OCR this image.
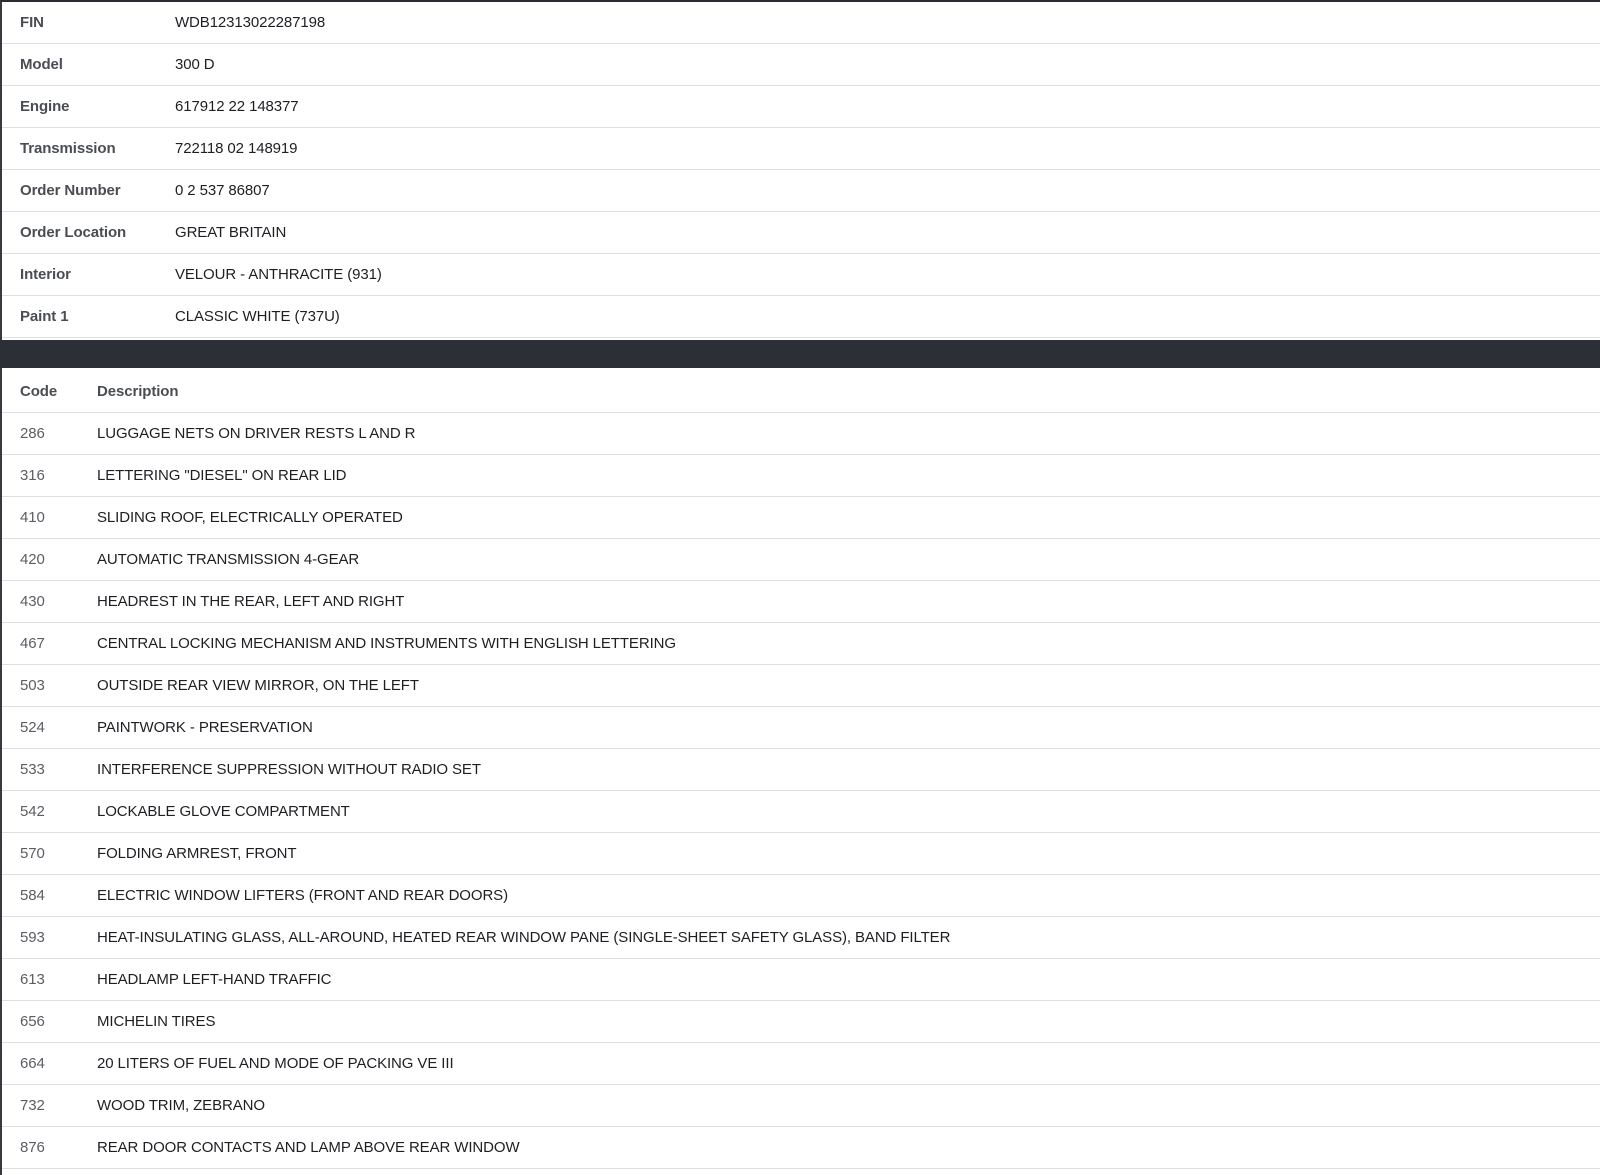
FIN	WDB12313022287198
Model	300 D
Engine	617912 22 148377
Transmission	722118 02 148919
Order Number	0 2 537 86807
Order Location	GREAT BRITAIN
Interior	VELOUR - ANTHRACITE (931)
Paint 1	CLASSIC WHITE (737U)
Code	Description
286	LUGGAGE NETS ON DRIVER RESTS L AND R
316	LETTERING "DIESEL" ON REAR LID
410	SLIDING ROOF, ELECTRICALLY OPERATED
420	AUTOMATIC TRANSMISSION 4-GEAR
430	HEADREST IN THE REAR, LEFT AND RIGHT
467	CENTRAL LOCKING MECHANISM AND INSTRUMENTS WITH ENGLISH LETTERING
503	OUTSIDE REAR VIEW MIRROR, ON THE LEFT
524	PAINTWORK - PRESERVATION
533	INTERFERENCE SUPPRESSION WITHOUT RADIO SET
542	LOCKABLE GLOVE COMPARTMENT
570	FOLDING ARMREST, FRONT
584	ELECTRIC WINDOW LIFTERS (FRONT AND REAR DOORS)
593	HEAT-INSULATING GLASS, ALL-AROUND, HEATED REAR WINDOW PANE (SINGLE-SHEET SAFETY GLASS), BAND FILTER
613	HEADLAMP LEFT-HAND TRAFFIC
656	MICHELIN TIRES
664	20 LITERS OF FUEL AND MODE OF PACKING VE III
732	WOOD TRIM, ZEBRANO
876	REAR DOOR CONTACTS AND LAMP ABOVE REAR WINDOW
